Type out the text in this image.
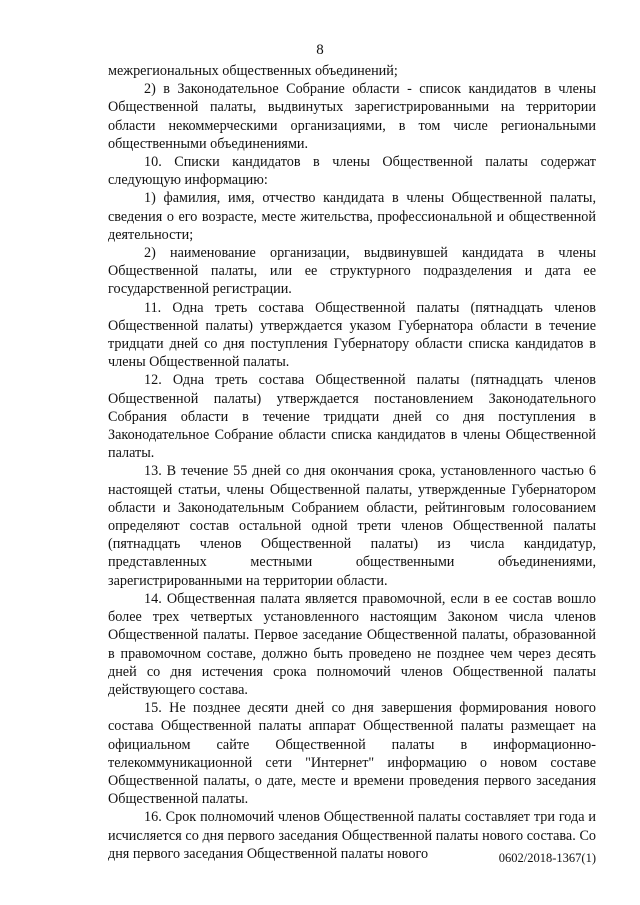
8

межрегиональных общественных объединений;

2) в Законодательное Собрание области - список кандидатов в члены Общественной палаты, выдвинутых зарегистрированными на территории области некоммерческими организациями, в том числе региональными общественными объединениями.

10. Списки кандидатов в члены Общественной палаты содержат следующую информацию:

1) фамилия, имя, отчество кандидата в члены Общественной палаты, сведения о его возрасте, месте жительства, профессиональной и общественной деятельности;

2) наименование организации, выдвинувшей кандидата в члены Общественной палаты, или ее структурного подразделения и дата ее государственной регистрации.

11. Одна треть состава Общественной палаты (пятнадцать членов Общественной палаты) утверждается указом Губернатора области в течение тридцати дней со дня поступления Губернатору области списка кандидатов в члены Общественной палаты.

12. Одна треть состава Общественной палаты (пятнадцать членов Общественной палаты) утверждается постановлением Законодательного Собрания области в течение тридцати дней со дня поступления в Законодательное Собрание области списка кандидатов в члены Общественной палаты.

13. В течение 55 дней со дня окончания срока, установленного частью 6 настоящей статьи, члены Общественной палаты, утвержденные Губернатором области и Законодательным Собранием области, рейтинговым голосованием определяют состав остальной одной трети членов Общественной палаты (пятнадцать членов Общественной палаты) из числа кандидатур, представленных местными общественными объединениями, зарегистрированными на территории области.

14. Общественная палата является правомочной, если в ее состав вошло более трех четвертых установленного настоящим Законом числа членов Общественной палаты. Первое заседание Общественной палаты, образованной в правомочном составе, должно быть проведено не позднее чем через десять дней со дня истечения срока полномочий членов Общественной палаты действующего состава.

15. Не позднее десяти дней со дня завершения формирования нового состава Общественной палаты аппарат Общественной палаты размещает на официальном сайте Общественной палаты в информационно-телекоммуникационной сети "Интернет" информацию о новом составе Общественной палаты, о дате, месте и времени проведения первого заседания Общественной палаты.

16. Срок полномочий членов Общественной палаты составляет три года и исчисляется со дня первого заседания Общественной палаты нового состава. Со дня первого заседания Общественной палаты нового	0602/2018-1367(1)
